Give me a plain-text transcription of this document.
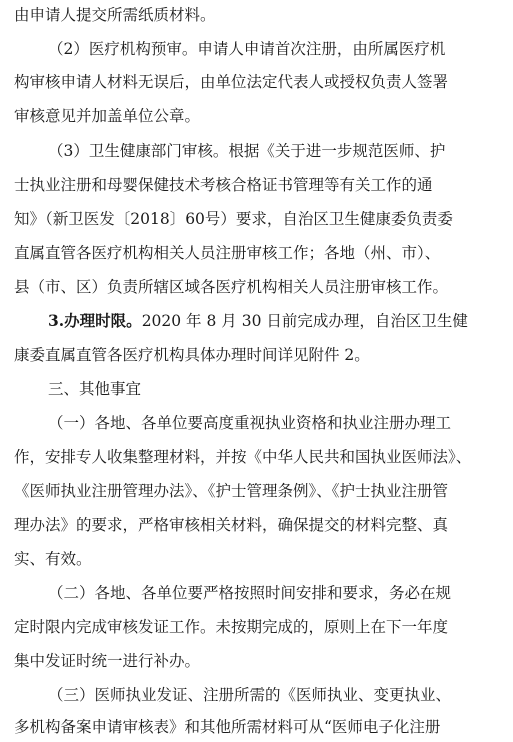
由申请人提交所需纸质材料。
（2）医疗机构预审。申请人申请首次注册，由所属医疗机
构审核申请人材料无误后，由单位法定代表人或授权负责人签署
审核意见并加盖单位公章。
（3）卫生健康部门审核。根据《关于进一步规范医师、护
士执业注册和母婴保健技术考核合格证书管理等有关工作的通
知》（新卫医发〔2018〕60号）要求，自治区卫生健康委负责委
直属直管各医疗机构相关人员注册审核工作；各地（州、市）、
县（市、区）负责所辖区域各医疗机构相关人员注册审核工作。
3.办理时限。2020 年 8 月 30 日前完成办理，自治区卫生健
康委直属直管各医疗机构具体办理时间详见附件 2。
三、其他事宜
（一）各地、各单位要高度重视执业资格和执业注册办理工
作，安排专人收集整理材料，并按《中华人民共和国执业医师法》、
《医师执业注册管理办法》、《护士管理条例》、《护士执业注册管
理办法》的要求，严格审核相关材料，确保提交的材料完整、真
实、有效。
（二）各地、各单位要严格按照时间安排和要求，务必在规
定时限内完成审核发证工作。未按期完成的，原则上在下一年度
集中发证时统一进行补办。
（三）医师执业发证、注册所需的《医师执业、变更执业、
多机构备案申请审核表》和其他所需材料可从“医师电子化注册
